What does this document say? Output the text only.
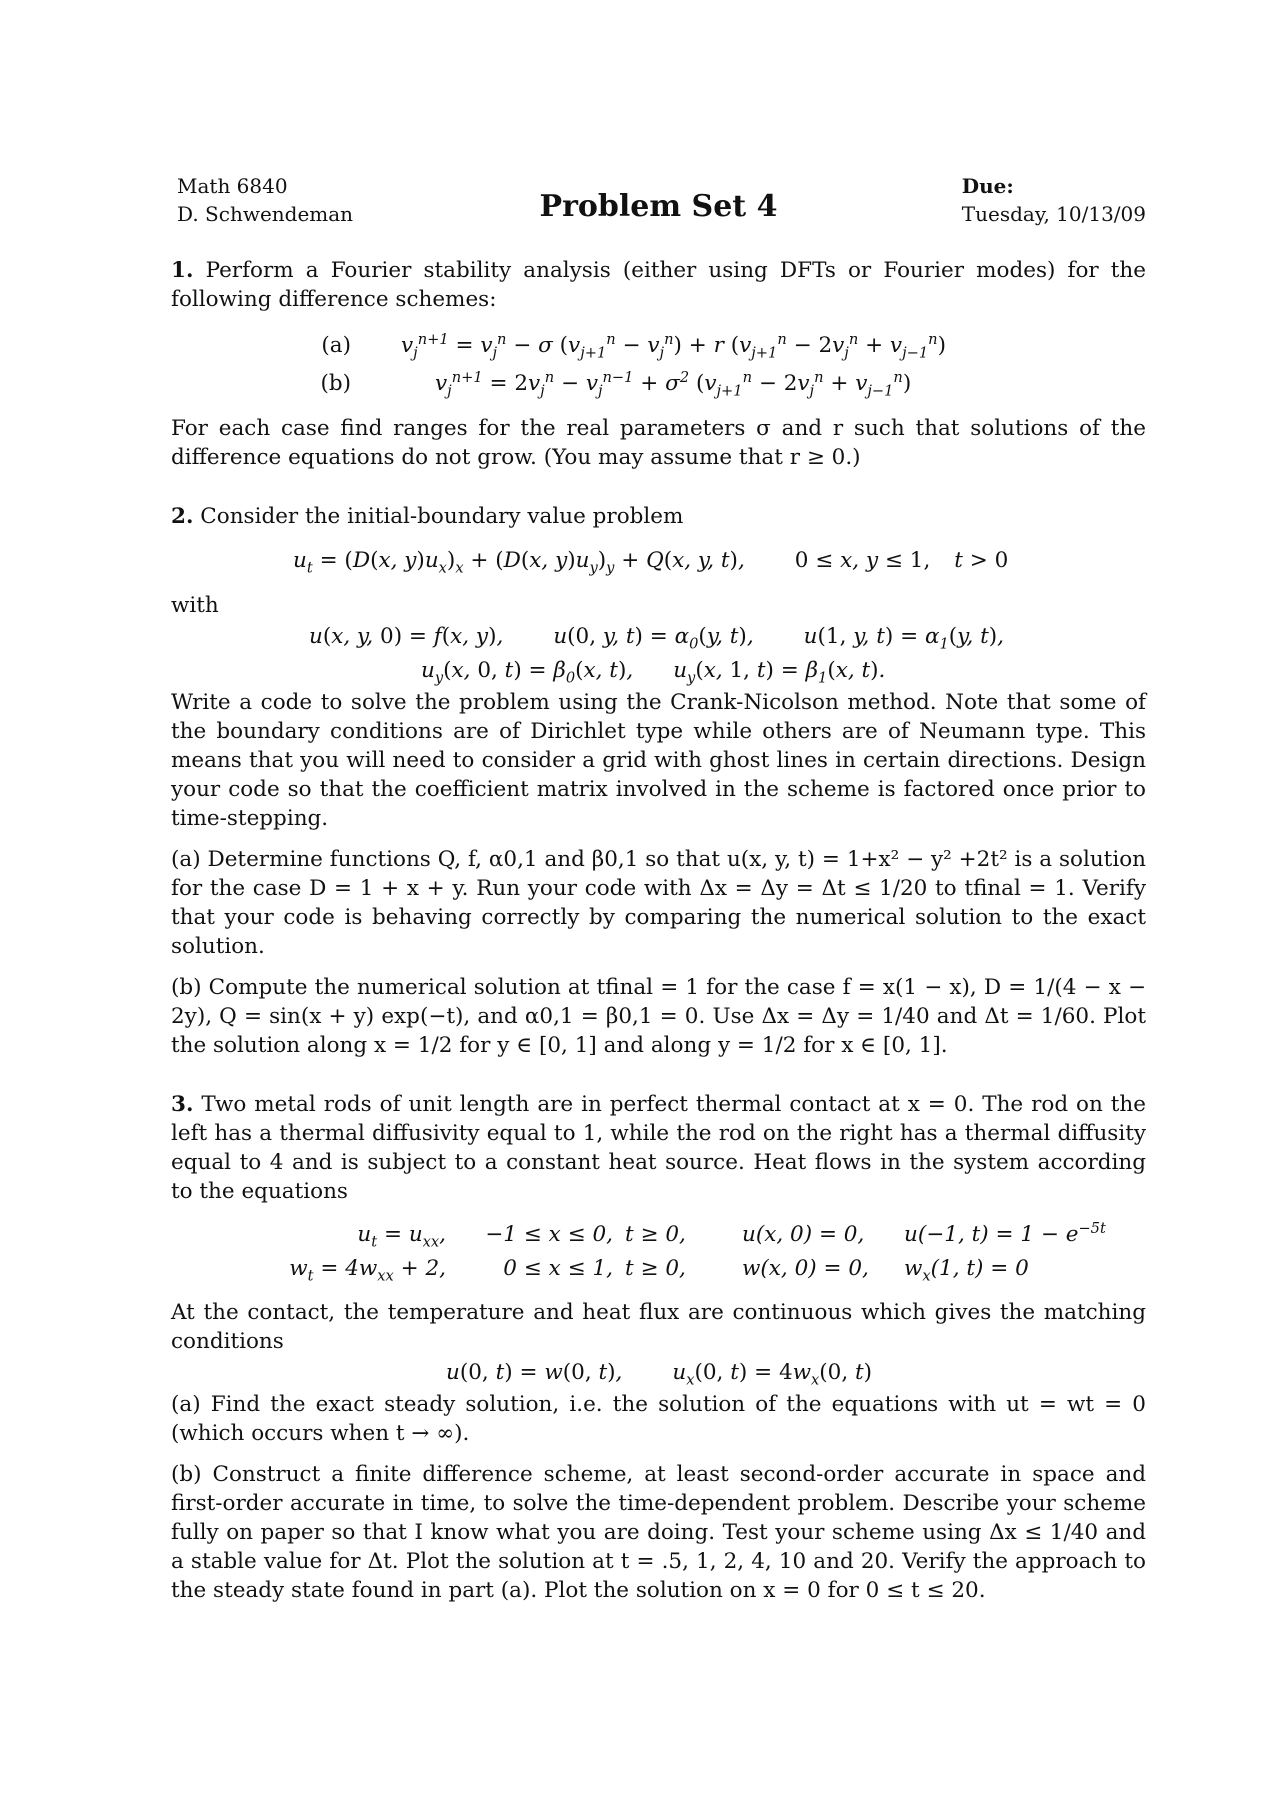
Math 6840
D. Schwendeman	Problem Set 4
Due:
Tuesday, 10/13/09

1. Perform a Fourier stability analysis (either using DFTs or Fourier modes) for the following difference schemes:

(a)	$v_j^{n+1} = v_j^n - \sigma$ $(v_{j+1}^n - v_j^n) + r$ $(v_{j+1}^n - 2v_j^n + v_{j-1}^n)$
(b)	$v_j^{n+1} = 2v_j^n - v_j^{n-1} + \sigma^2$ $(v_{j+1}^n - 2v_j^n + v_{j-1}^n)$

For each case find ranges for the real parameters σ and r such that solutions of the difference equations do not grow. (You may assume that r ≥ 0.)

2. Consider the initial-boundary value problem

$u_t = (D(x$, $y)u_x)_x + (D(x$, $y)u_y)_y + Q(x$, y, t), 0 ≤ x, y ≤ 1, t > 0

with

u(x, y, 0) = f(x, y), u(0, y, $t) = \alpha_0(y$, t), u(1, y, $t) = \alpha_1(y$, t),
$u_y(x$, 0, $t) = \beta_0(x$, t), $u_y(x$, 1, $t) = \beta_1(x$, t).

Write a code to solve the problem using the Crank-Nicolson method. Note that some of the boundary conditions are of Dirichlet type while others are of Neumann type. This means that you will need to consider a grid with ghost lines in certain directions. Design your code so that the coefficient matrix involved in the scheme is factored once prior to time-stepping.

(a) Determine functions Q, f, α0,1 and β0,1 so that u(x, y, t) = 1+x² − y² +2t² is a solution for the case D = 1 + x + y. Run your code with Δx = Δy = Δt ≤ 1/20 to tfinal = 1. Verify that your code is behaving correctly by comparing the numerical solution to the exact solution.

(b) Compute the numerical solution at tfinal = 1 for the case f = x(1 − x), D = 1/(4 − x − 2y), Q = sin(x + y) exp(−t), and α0,1 = β0,1 = 0. Use Δx = Δy = 1/40 and Δt = 1/60. Plot the solution along x = 1/2 for y ∈ [0, 1] and along y = 1/2 for x ∈ [0, 1].

3. Two metal rods of unit length are in perfect thermal contact at x = 0. The rod on the left has a thermal diffusivity equal to 1, while the rod on the right has a thermal diffusity equal to 4 and is subject to a constant heat source. Heat flows in the system according to the equations

$u_t = u_{xx}$,	−1 ≤ x ≤ 0, t ≥ 0,	u(x, 0) = 0,	u(−1, $t) = 1 - e^{-5t}$
$w_t = 4w_{xx} + 2$,	0 ≤ x ≤ 1, t ≥ 0,	w(x, 0) = 0,	$w_x(1$, t) = 0

At the contact, the temperature and heat flux are continuous which gives the matching conditions

u(0, t) = w(0, t), $u_x(0$, $t) = 4w_x(0$, t)

(a) Find the exact steady solution, i.e. the solution of the equations with ut = wt = 0 (which occurs when t → ∞).

(b) Construct a finite difference scheme, at least second-order accurate in space and first-order accurate in time, to solve the time-dependent problem. Describe your scheme fully on paper so that I know what you are doing. Test your scheme using Δx ≤ 1/40 and a stable value for Δt. Plot the solution at t = .5, 1, 2, 4, 10 and 20. Verify the approach to the steady state found in part (a). Plot the solution on x = 0 for 0 ≤ t ≤ 20.
